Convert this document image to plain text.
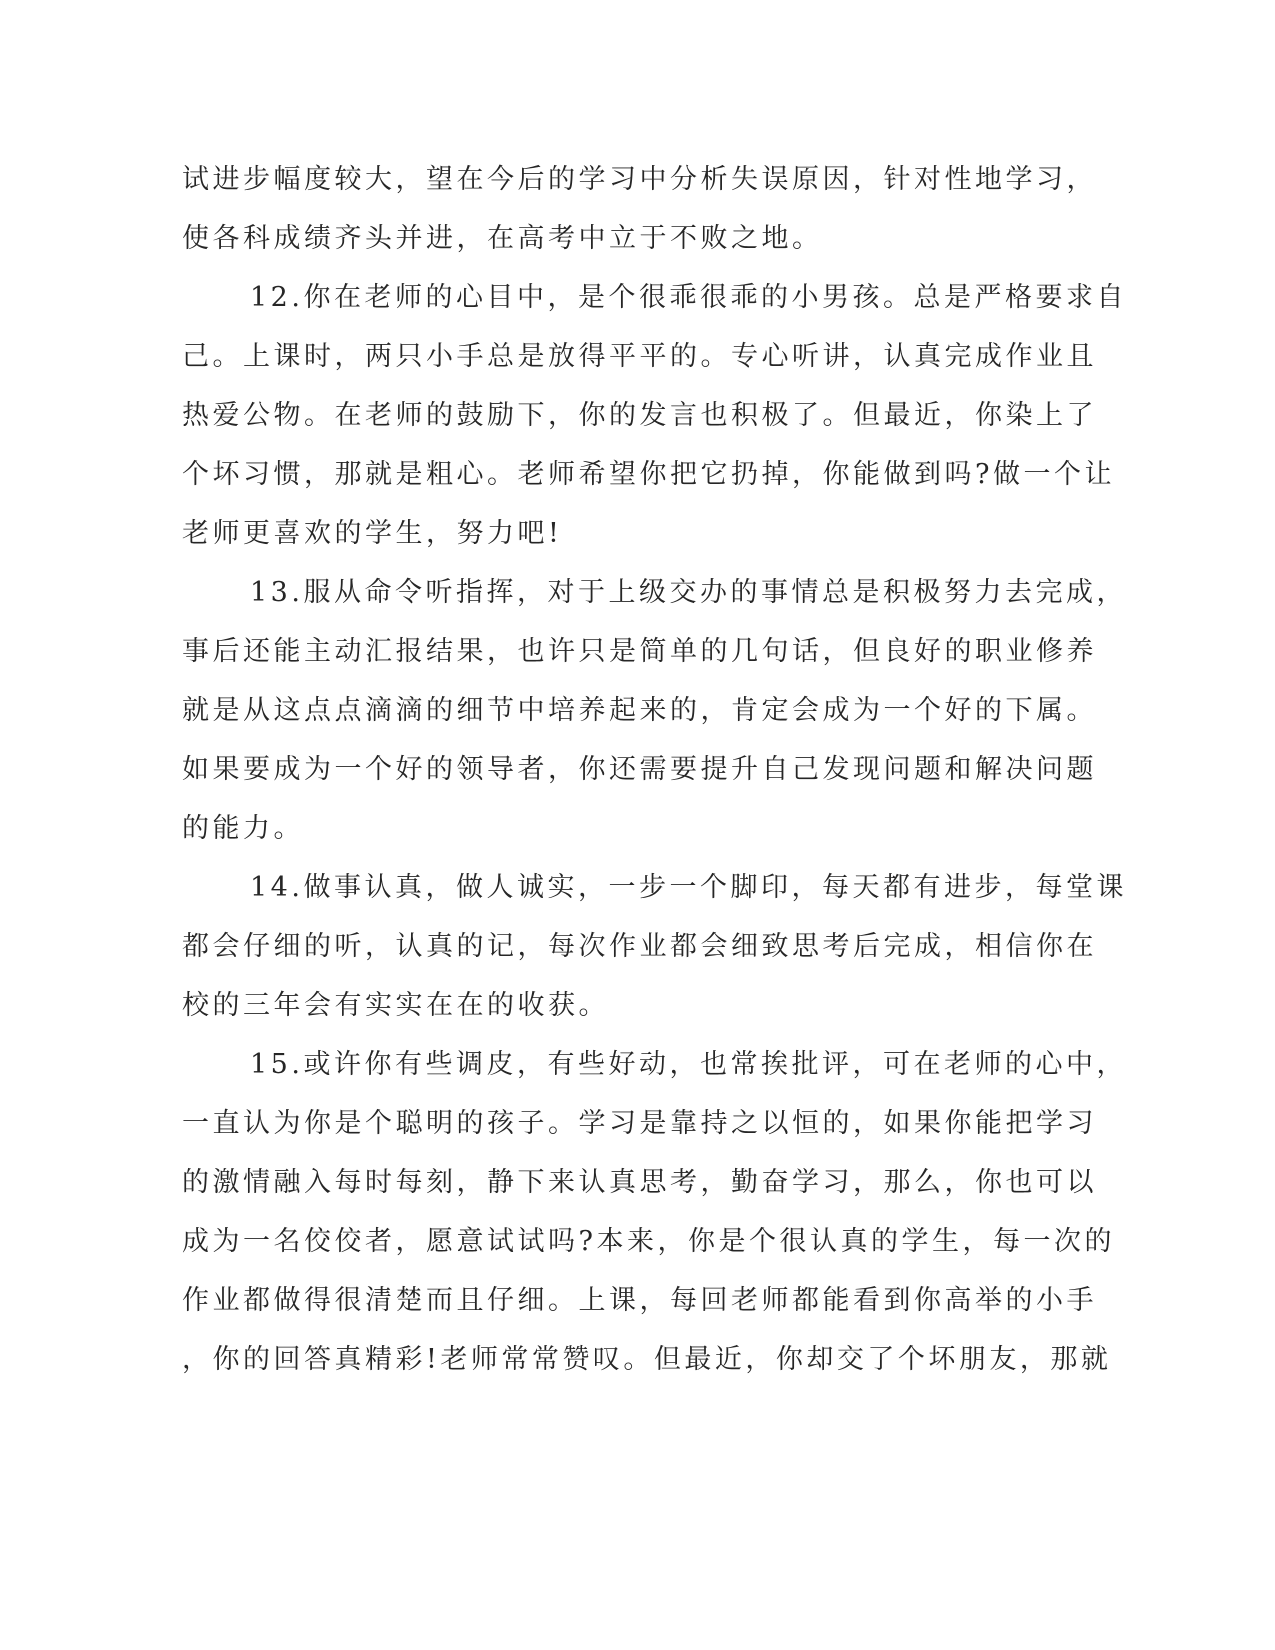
试进步幅度较大，望在今后的学习中分析失误原因，针对性地学习，

使各科成绩齐头并进，在高考中立于不败之地。

12.你在老师的心目中，是个很乖很乖的小男孩。总是严格要求自

己。上课时，两只小手总是放得平平的。专心听讲，认真完成作业且

热爱公物。在老师的鼓励下，你的发言也积极了。但最近，你染上了

个坏习惯，那就是粗心。老师希望你把它扔掉，你能做到吗?做一个让

老师更喜欢的学生，努力吧!

13.服从命令听指挥，对于上级交办的事情总是积极努力去完成，

事后还能主动汇报结果，也许只是简单的几句话，但良好的职业修养

就是从这点点滴滴的细节中培养起来的，肯定会成为一个好的下属。

如果要成为一个好的领导者，你还需要提升自己发现问题和解决问题

的能力。

14.做事认真，做人诚实，一步一个脚印，每天都有进步，每堂课

都会仔细的听，认真的记，每次作业都会细致思考后完成，相信你在

校的三年会有实实在在的收获。

15.或许你有些调皮，有些好动，也常挨批评，可在老师的心中，

一直认为你是个聪明的孩子。学习是靠持之以恒的，如果你能把学习

的激情融入每时每刻，静下来认真思考，勤奋学习，那么，你也可以

成为一名佼佼者，愿意试试吗?本来，你是个很认真的学生，每一次的

作业都做得很清楚而且仔细。上课，每回老师都能看到你高举的小手

，你的回答真精彩!老师常常赞叹。但最近，你却交了个坏朋友，那就
